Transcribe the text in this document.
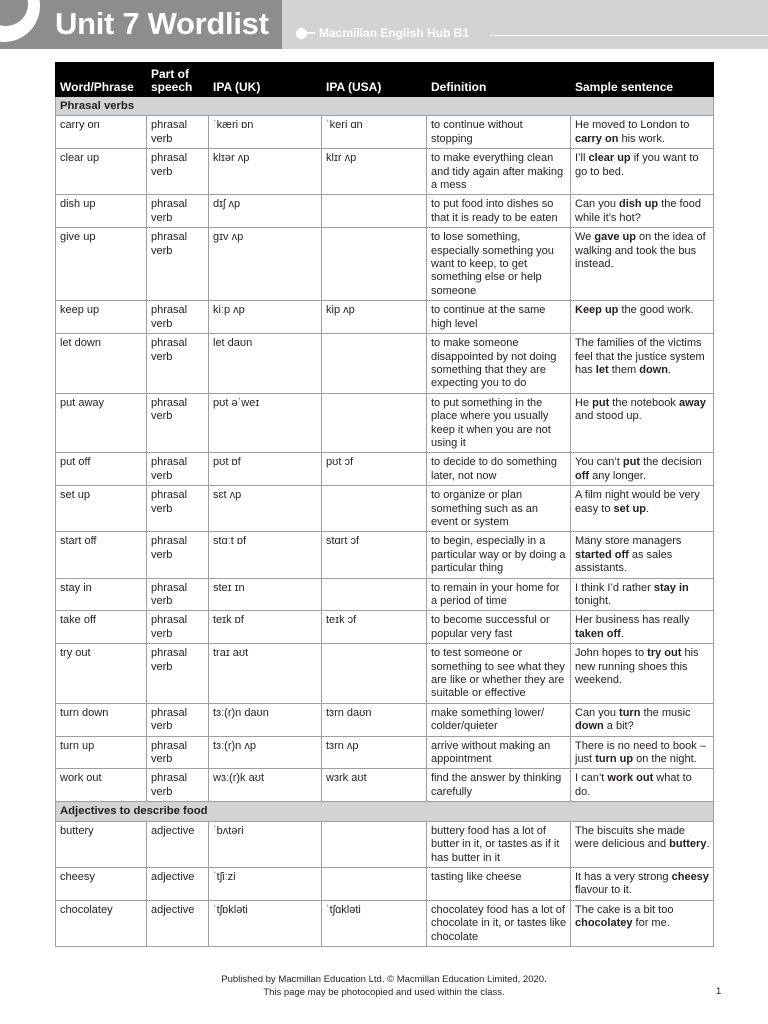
Unit 7 Wordlist	Macmillan English Hub B1
Word/Phrase	Part of speech	IPA (UK)	IPA (USA)	Definition	Sample sentence
Phrasal verbs					
carry on	phrasal verb	ˈkæri ɒn	ˈkeri ɑn	to continue without stopping	He moved to London to carry on his work.
clear up	phrasal verb	klɪər ʌp	klɪr ʌp	to make everything clean and tidy again after making a mess	I’ll clear up if you want to go to bed.
dish up	phrasal verb	dɪʃ ʌp		to put food into dishes so that it is ready to be eaten	Can you dish up the food while it’s hot?
give up	phrasal verb	ɡɪv ʌp		to lose something, especially something you want to keep, to get something else or help someone	We gave up on the idea of walking and took the bus instead.
keep up	phrasal verb	kiːp ʌp	kip ʌp	to continue at the same high level	Keep up the good work.
let down	phrasal verb	let daʊn		to make someone disappointed by not doing something that they are expecting you to do	The families of the victims feel that the justice system has let them down.
put away	phrasal verb	pʊt əˈweɪ		to put something in the place where you usually keep it when you are not using it	He put the notebook away and stood up.
put off	phrasal verb	pʊt ɒf	pʊt ɔf	to decide to do something later, not now	You can’t put the decision off any longer.
set up	phrasal verb	sɛt ʌp		to organize or plan something such as an event or system	A film night would be very easy to set up.
start off	phrasal verb	stɑːt ɒf	stɑrt ɔf	to begin, especially in a particular way or by doing a particular thing	Many store managers started off as sales assistants.
stay in	phrasal verb	steɪ ɪn		to remain in your home for a period of time	I think I’d rather stay in tonight.
take off	phrasal verb	teɪk ɒf	teɪk ɔf	to become successful or popular very fast	Her business has really taken off.
try out	phrasal verb	traɪ aʊt		to test someone or something to see what they are like or whether they are suitable or effective	John hopes to try out his new running shoes this weekend.
turn down	phrasal verb	tɜː(r)n daʊn	tɜrn daʊn	make something lower/ colder/quieter	Can you turn the music down a bit?
turn up	phrasal verb	tɜː(r)n ʌp	tɜrn ʌp	arrive without making an appointment	There is no need to book – just turn up on the night.
work out	phrasal verb	wɜː(r)k aʊt	wɜrk aʊt	find the answer by thinking carefully	I can’t work out what to do.
Adjectives to describe food					
buttery	adjective	ˈbʌtəri		buttery food has a lot of butter in it, or tastes as if it has butter in it	The biscuits she made were delicious and buttery.
cheesy	adjective	ˈtʃiːzi		tasting like cheese	It has a very strong cheesy flavour to it.
chocolatey	adjective	ˈtʃɒkləti	ˈtʃɑkləti	chocolatey food has a lot of chocolate in it, or tastes like chocolate	The cake is a bit too chocolatey for me.
Published by Macmillan Education Ltd. © Macmillan Education Limited, 2020.
This page may be photocopied and used within the class.	1
